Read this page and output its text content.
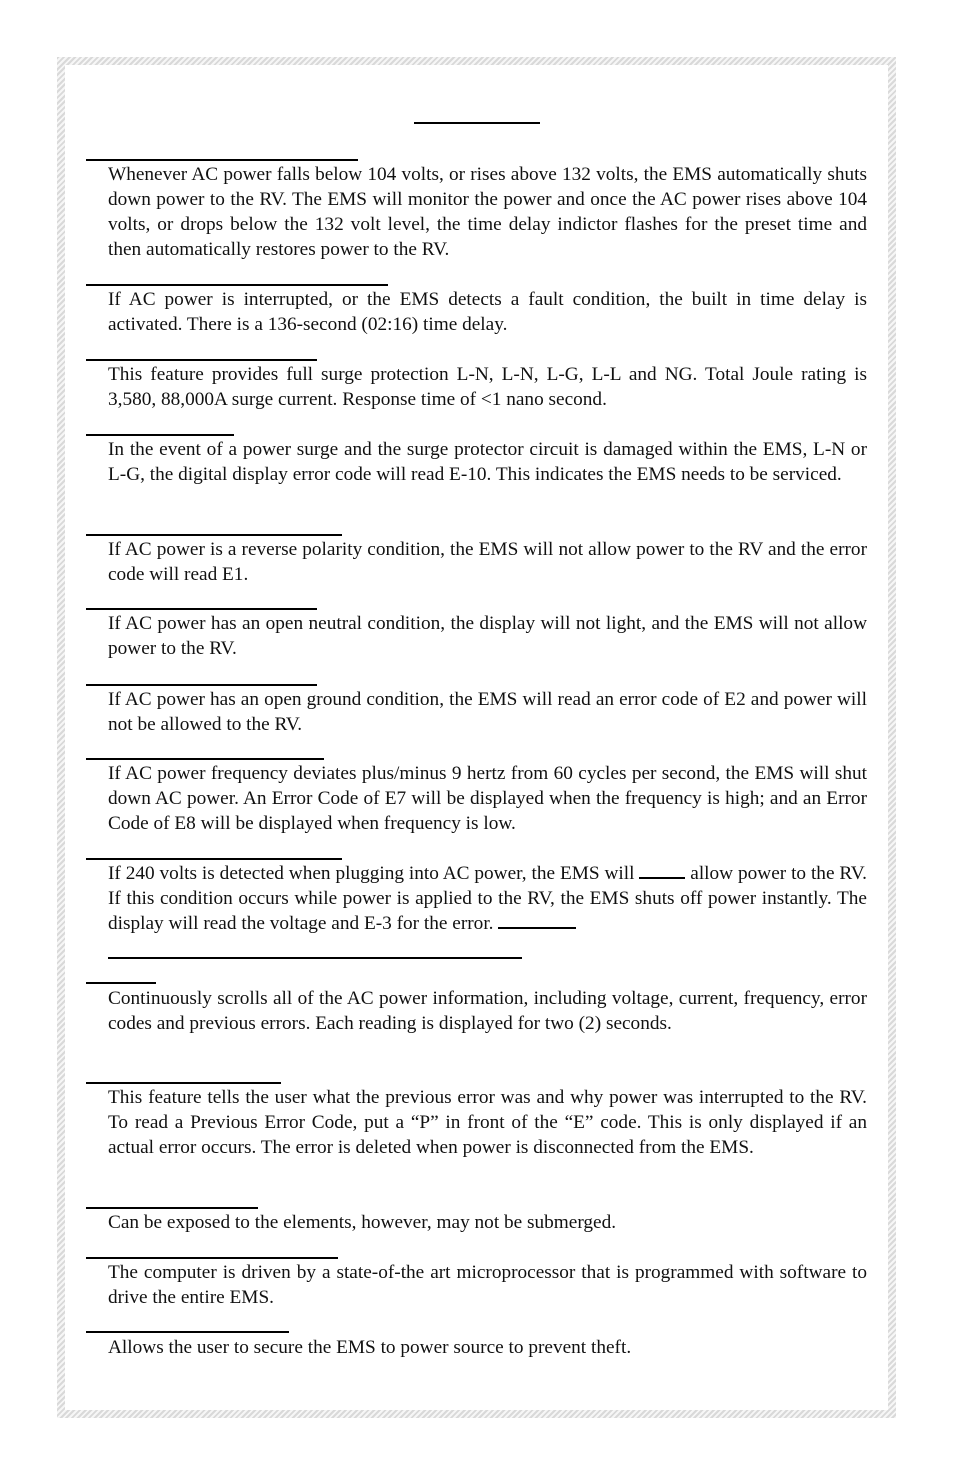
Whenever AC power falls below 104 volts, or rises above 132 volts, the EMS automatically shuts down power to the RV. The EMS will monitor the power and once the AC power rises above 104 volts, or drops below the 132 volt level, the time delay indictor flashes for the preset time and then automatically restores power to the RV.

If AC power is interrupted, or the EMS detects a fault condition, the built in time delay is activated. There is a 136-second (02:16) time delay.

This feature provides full surge protection L-N, L-N, L-G, L-L and NG. Total Joule rating is 3,580, 88,000A surge current. Response time of <1 nano second.

In the event of a power surge and the surge protector circuit is damaged within the EMS, L-N or L-G, the digital display error code will read E-10. This indicates the EMS needs to be serviced.

If AC power is a reverse polarity condition, the EMS will not allow power to the RV and the error code will read E1.

If AC power has an open neutral condition, the display will not light, and the EMS will not allow power to the RV.

If AC power has an open ground condition, the EMS will read an error code of E2 and power will not be allowed to the RV.

If AC power frequency deviates plus/minus 9 hertz from 60 cycles per second, the EMS will shut down AC power. An Error Code of E7 will be displayed when the frequency is high; and an Error Code of E8 will be displayed when frequency is low.

If 240 volts is detected when plugging into AC power, the EMS will	allow power to the RV. If this condition occurs while power is applied to the RV, the EMS shuts off power instantly. The display will read the voltage and E-3 for the error.

Continuously scrolls all of the AC power information, including voltage, current, frequency, error codes and previous errors. Each reading is displayed for two (2) seconds.

This feature tells the user what the previous error was and why power was interrupted to the RV. To read a Previous Error Code, put a “P” in front of the “E” code. This is only displayed if an actual error occurs. The error is deleted when power is disconnected from the EMS.

Can be exposed to the elements, however, may not be submerged.

The computer is driven by a state-of-the art microprocessor that is programmed with software to drive the entire EMS.

Allows the user to secure the EMS to power source to prevent theft.
